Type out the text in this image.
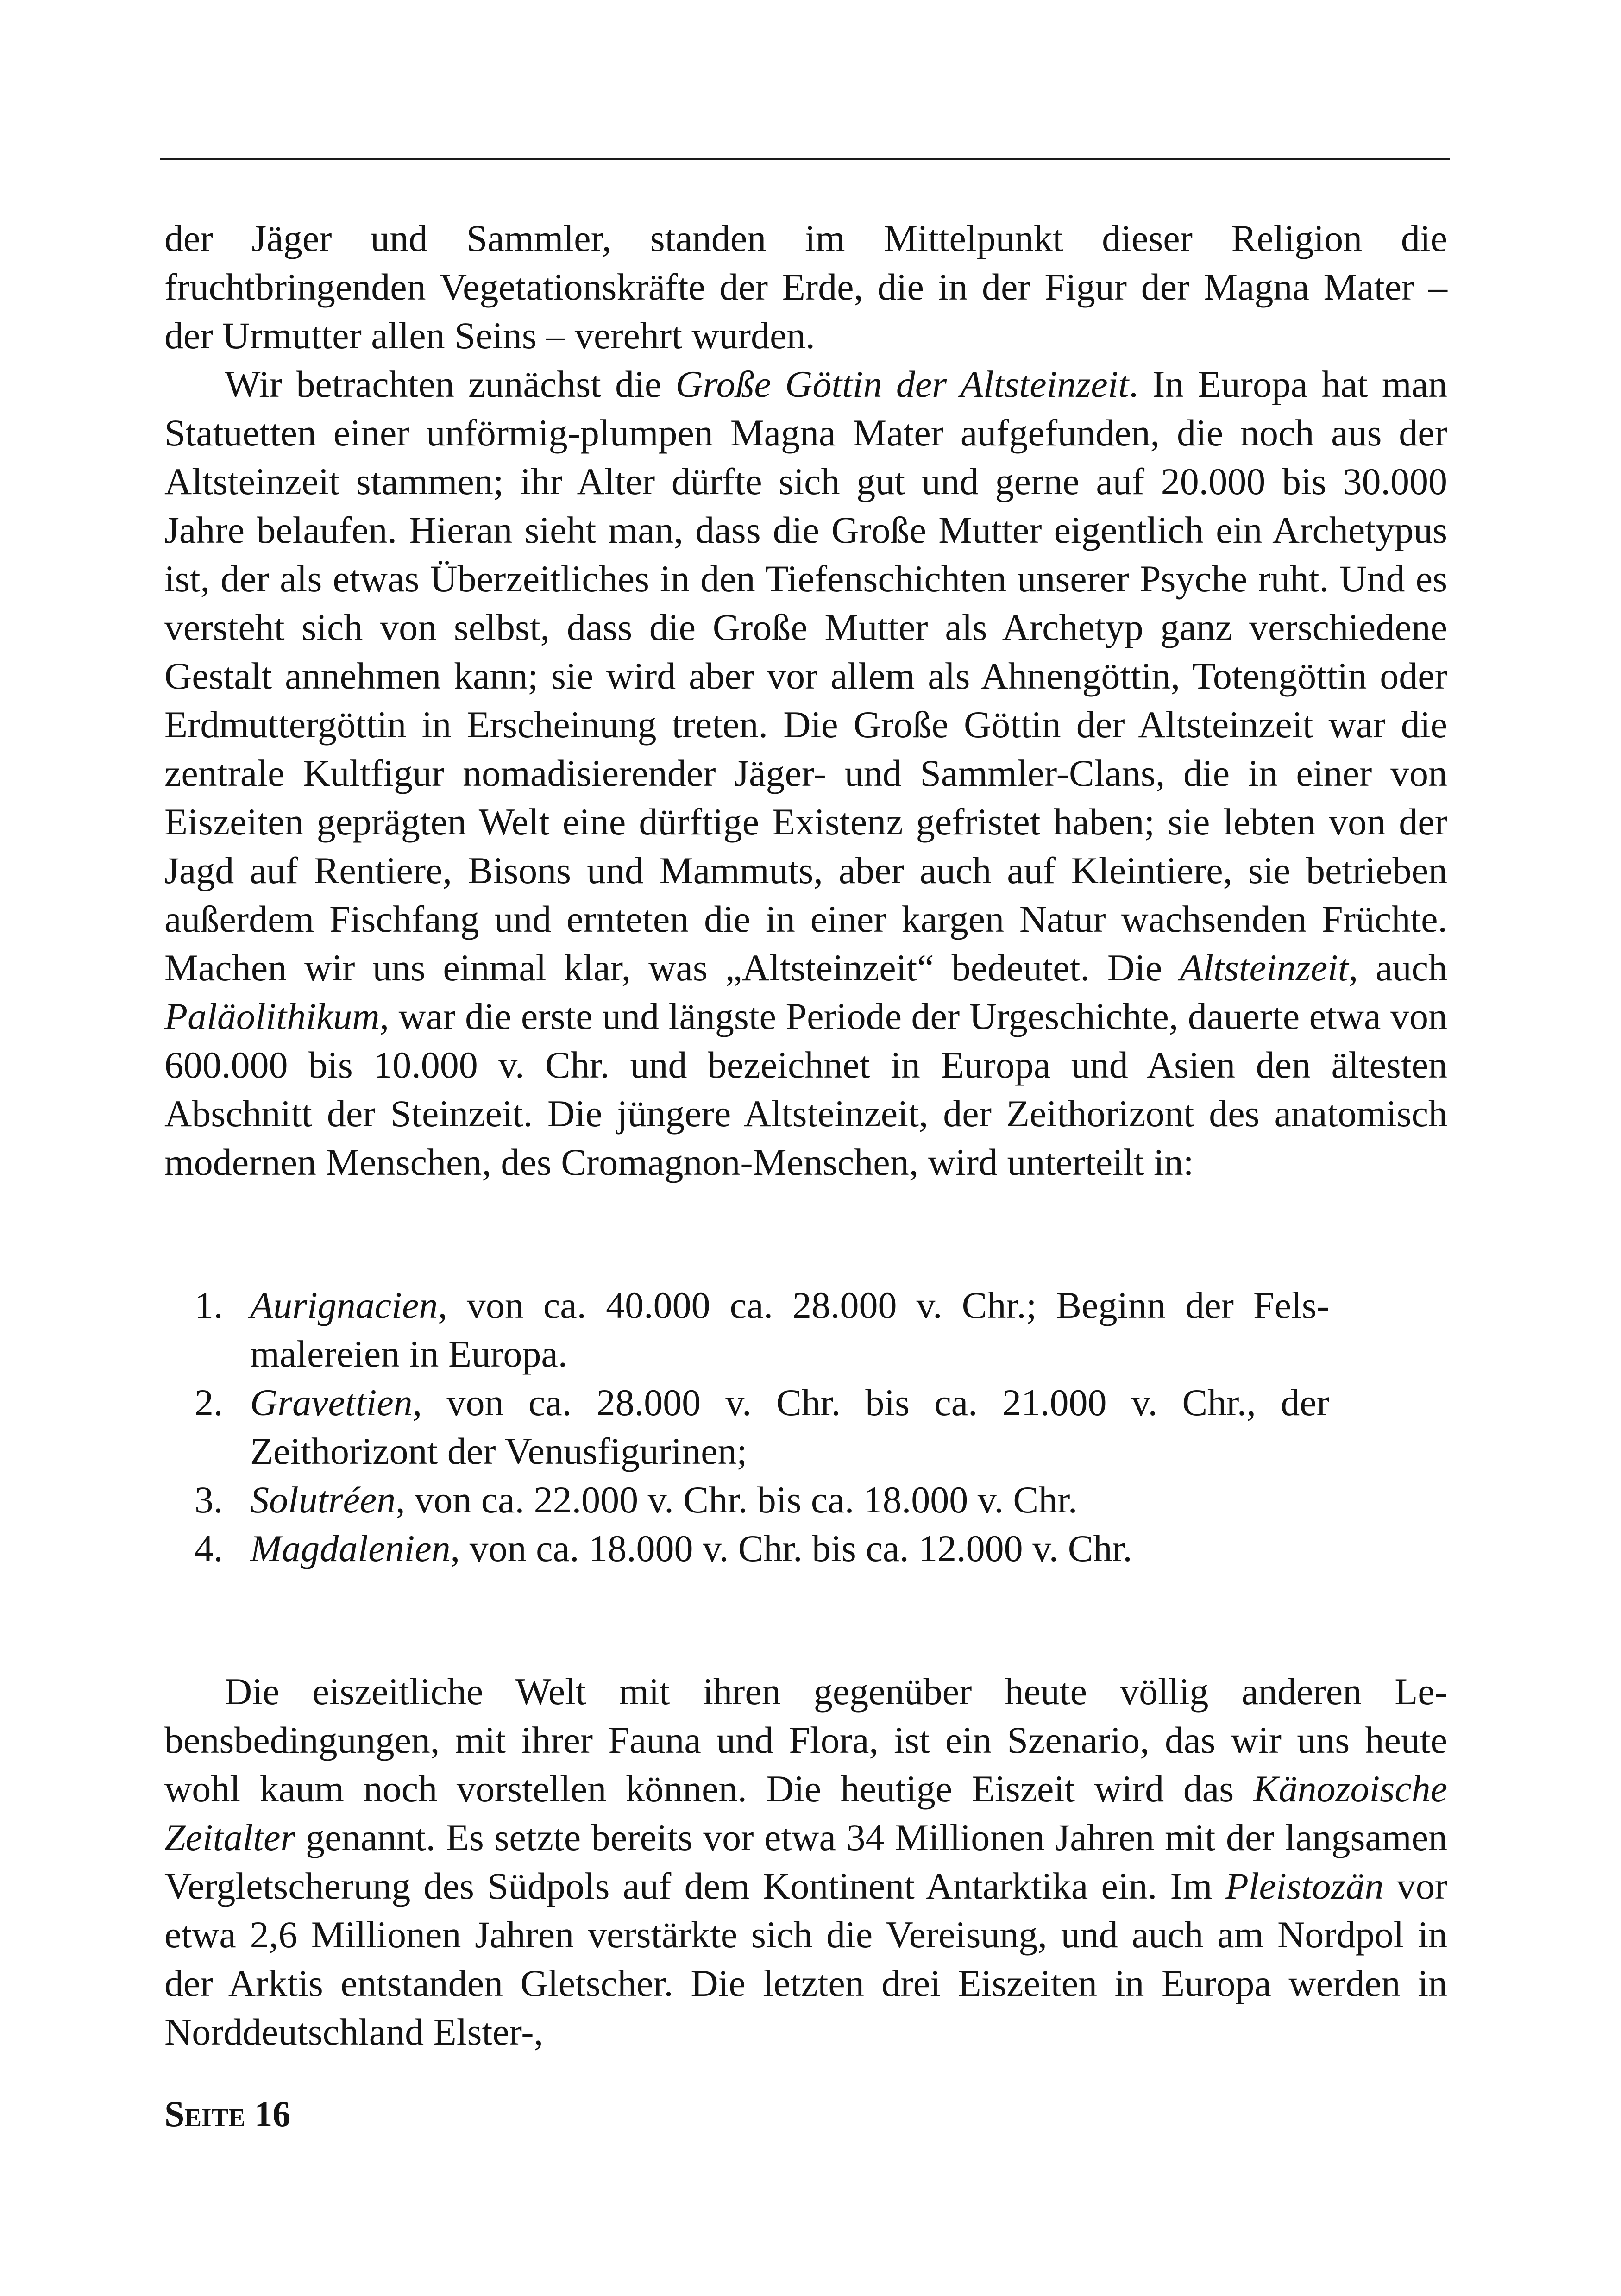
der Jäger und Sammler, standen im Mittelpunkt dieser Religion die fruchtbringenden Vegetationskräfte der Erde, die in der Figur der Magna Mater – der Urmutter allen Seins – verehrt wurden.

Wir betrachten zunächst die Große Göttin der Altsteinzeit. In Europa hat man Statuetten einer unförmig-plumpen Magna Mater aufgefunden, die noch aus der Altsteinzeit stammen; ihr Alter dürfte sich gut und gerne auf 20.000 bis 30.000 Jahre belaufen. Hieran sieht man, dass die Große Mutter eigentlich ein Archetypus ist, der als etwas Überzeitliches in den Tiefenschichten unserer Psyche ruht. Und es versteht sich von selbst, dass die Große Mutter als Archetyp ganz verschiedene Gestalt annehmen kann; sie wird aber vor allem als Ahnengöttin, Totengöttin oder Erdmuttergöttin in Erscheinung treten. Die Große Göttin der Altsteinzeit war die zentrale Kultfigur nomadisierender Jäger- und Sammler-Clans, die in einer von Eiszeiten geprägten Welt eine dürftige Existenz gefristet haben; sie lebten von der Jagd auf Rentiere, Bisons und Mammuts, aber auch auf Kleintiere, sie betrieben außerdem Fischfang und ernteten die in einer kargen Natur wachsenden Früchte. Machen wir uns einmal klar, was „Altsteinzeit“ bedeutet. Die Altsteinzeit, auch Paläolithikum, war die erste und längste Periode der Urgeschichte, dauerte etwa von 600.000 bis 10.000 v. Chr. und bezeichnet in Europa und Asien den ältesten Abschnitt der Steinzeit. Die jüngere Altsteinzeit, der Zeithorizont des anatomisch modernen Menschen, des Cromagnon-Menschen, wird unterteilt in:

1. Aurignacien, von ca. 40.000 ca. 28.000 v. Chr.; Beginn der Felsmalereien in Europa.
2. Gravettien, von ca. 28.000 v. Chr. bis ca. 21.000 v. Chr., der Zeithorizont der Venusfigurinen;
3. Solutréen, von ca. 22.000 v. Chr. bis ca. 18.000 v. Chr.
4. Magdalenien, von ca. 18.000 v. Chr. bis ca. 12.000 v. Chr.

Die eiszeitliche Welt mit ihren gegenüber heute völlig anderen Lebensbedingungen, mit ihrer Fauna und Flora, ist ein Szenario, das wir uns heute wohl kaum noch vorstellen können. Die heutige Eiszeit wird das Känozoische Zeitalter genannt. Es setzte bereits vor etwa 34 Millionen Jahren mit der langsamen Vergletscherung des Südpols auf dem Kontinent Antarktika ein. Im Pleistozän vor etwa 2,6 Millionen Jahren verstärkte sich die Vereisung, und auch am Nordpol in der Arktis entstanden Gletscher. Die letzten drei Eiszeiten in Europa werden in Norddeutschland Elster-,

Seite 16
